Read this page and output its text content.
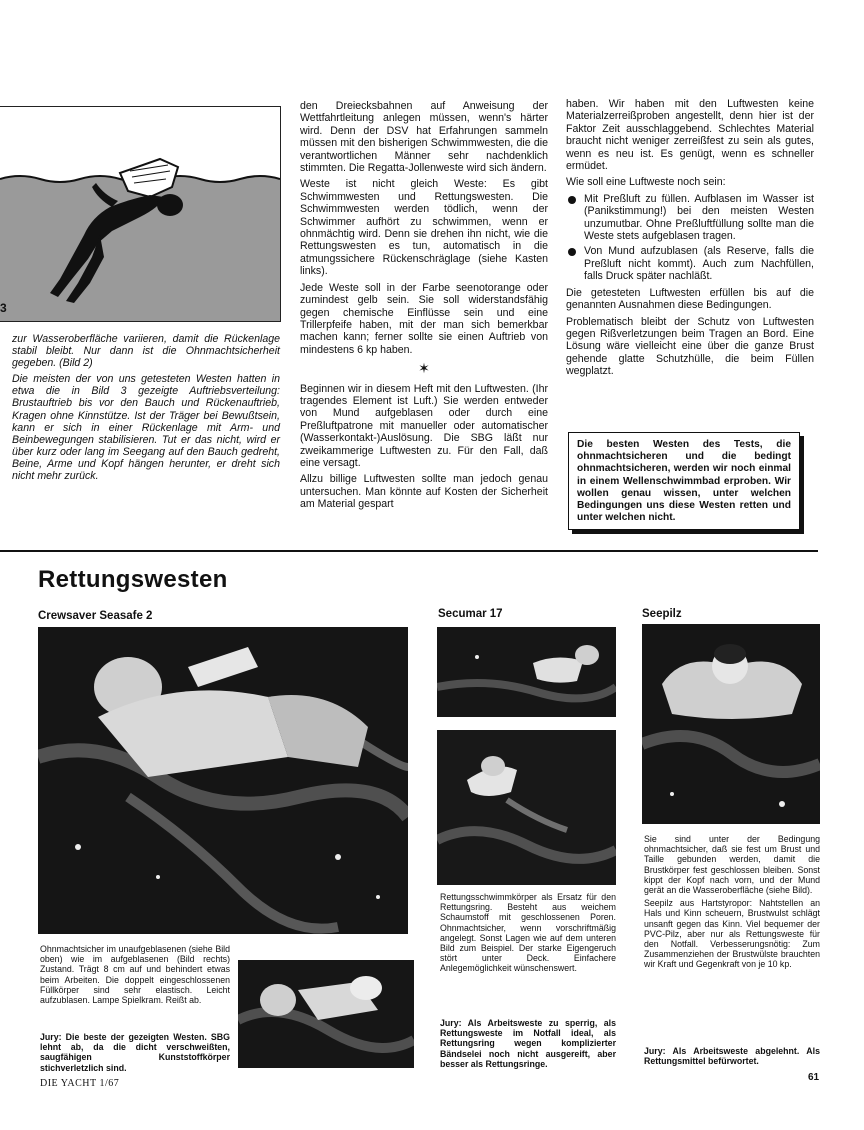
3

zur Wasseroberfläche variieren, damit die Rückenlage stabil bleibt. Nur dann ist die Ohnmachtsicherheit gegeben. (Bild 2)

Die meisten der von uns getesteten Westen hatten in etwa die in Bild 3 gezeigte Auftriebsverteilung: Brustauftrieb bis vor den Bauch und Rückenauftrieb, Kragen ohne Kinnstütze. Ist der Träger bei Bewußtsein, kann er sich in einer Rückenlage mit Arm- und Beinbewegungen stabilisieren. Tut er das nicht, wird er über kurz oder lang im Seegang auf den Bauch gedreht, Beine, Arme und Kopf hängen herunter, er dreht sich nicht mehr zurück.

den Dreiecksbahnen auf Anweisung der Wettfahrtleitung anlegen müssen, wenn's härter wird. Denn der DSV hat Erfahrungen sammeln müssen mit den bisherigen Schwimmwesten, die die verantwortlichen Männer sehr nachdenklich stimmten. Die Regatta-Jollenweste wird sich ändern.

Weste ist nicht gleich Weste: Es gibt Schwimmwesten und Rettungswesten. Die Schwimmwesten werden tödlich, wenn der Schwimmer aufhört zu schwimmen, wenn er ohnmächtig wird. Denn sie drehen ihn nicht, wie die Rettungswesten es tun, automatisch in die atmungssichere Rückenschräglage (siehe Kasten links).

Jede Weste soll in der Farbe seenotorange oder zumindest gelb sein. Sie soll widerstandsfähig gegen chemische Einflüsse sein und eine Trillerpfeife haben, mit der man sich bemerkbar machen kann; ferner sollte sie einen Auftrieb von mindestens 6 kp haben.

✶

Beginnen wir in diesem Heft mit den Luftwesten. (Ihr tragendes Element ist Luft.) Sie werden entweder von Mund aufgeblasen oder durch eine Preßluftpatrone mit manueller oder automatischer (Wasserkontakt-)Auslösung. Die SBG läßt nur zweikammerige Luftwesten zu. Für den Fall, daß eine versagt.

Allzu billige Luftwesten sollte man jedoch genau untersuchen. Man könnte auf Kosten der Sicherheit am Material gespart

haben. Wir haben mit den Luftwesten keine Materialzerreißproben angestellt, denn hier ist der Faktor Zeit ausschlaggebend. Schlechtes Material braucht nicht weniger zerreißfest zu sein als gutes, wenn es neu ist. Es genügt, wenn es schneller ermüdet.

Wie soll eine Luftweste noch sein:

Mit Preßluft zu füllen. Aufblasen im Wasser ist (Panikstimmung!) bei den meisten Westen unzumutbar. Ohne Preßluftfüllung sollte man die Weste stets aufgeblasen tragen.
Von Mund aufzublasen (als Reserve, falls die Preßluft nicht kommt). Auch zum Nachfüllen, falls Druck später nachläßt.

Die getesteten Luftwesten erfüllen bis auf die genannten Ausnahmen diese Bedingungen.

Problematisch bleibt der Schutz von Luftwesten gegen Rißverletzungen beim Tragen an Bord. Eine Lösung wäre vielleicht eine über die ganze Brust gehende glatte Schutzhülle, die beim Füllen wegplatzt.

Die besten Westen des Tests, die ohnmachtsicheren und die bedingt ohnmachtsicheren, werden wir noch einmal in einem Wellenschwimmbad erproben. Wir wollen genau wissen, unter welchen Bedingungen uns diese Westen retten und unter welchen nicht.
Rettungswesten
Crewsaver Seasafe 2	Secumar 17	Seepilz
Ohnmachtsicher im unaufgeblasenen (siehe Bild oben) wie im aufgeblasenen (Bild rechts) Zustand. Trägt 8 cm auf und behindert etwas beim Arbeiten. Die doppelt eingeschlossenen Füllkörper sind sehr elastisch. Leicht aufzublasen. Lampe Spielkram. Reißt ab.
Jury: Die beste der gezeigten Westen. SBG lehnt ab, da die dicht verschweißten, saugfähigen Kunststoffkörper stichverletzlich sind.
Rettungsschwimmkörper als Ersatz für den Rettungsring. Besteht aus weichem Schaumstoff mit geschlossenen Poren. Ohnmachtsicher, wenn vorschriftmäßig angelegt. Sonst Lagen wie auf dem unteren Bild zum Beispiel. Der starke Eigengeruch stört unter Deck. Einfachere Anlegemöglichkeit wünschenswert.
Jury: Als Arbeitsweste zu sperrig, als Rettungsweste im Notfall ideal, als Rettungsring wegen komplizierter Bändselei noch nicht ausgereift, aber besser als Rettungsringe.

Sie sind unter der Bedingung ohnmachtsicher, daß sie fest um Brust und Taille gebunden werden, damit die Brustkörper fest geschlossen bleiben. Sonst kippt der Kopf nach vorn, und der Mund gerät an die Wasseroberfläche (siehe Bild).

Seepilz aus Hartstyropor: Nahtstellen an Hals und Kinn scheuern, Brustwulst schlägt unsanft gegen das Kinn. Viel bequemer der PVC-Pilz, aber nur als Rettungsweste für den Notfall. Verbesserungsnötig: Zum Zusammenziehen der Brustwülste brauchten wir Kraft und Gegenkraft von je 10 kp.

Jury: Als Arbeitsweste abgelehnt. Als Rettungsmittel befürwortet.
DIE YACHT 1/67
61
